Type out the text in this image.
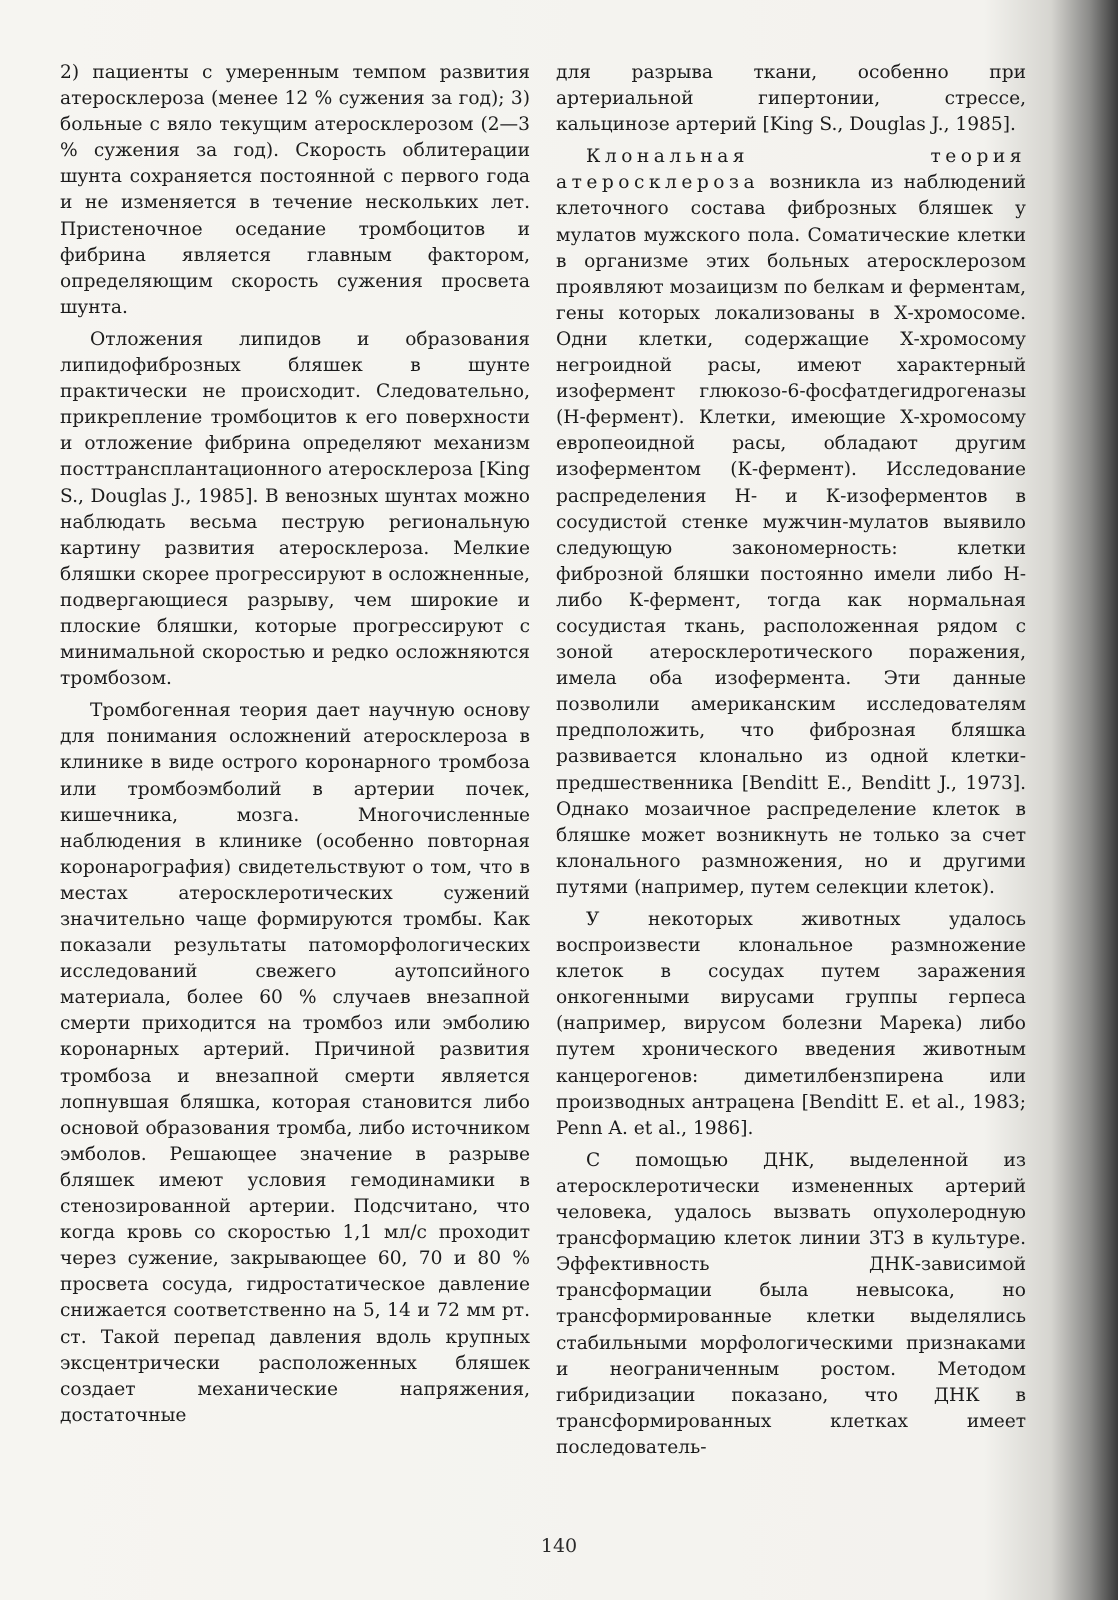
2) пациенты с умеренным темпом развития атеросклероза (менее 12 % сужения за год); 3) больные с вяло текущим атеросклерозом (2—3 % сужения за год). Скорость облитерации шунта сохраняется постоянной с первого года и не изменяется в течение нескольких лет. Пристеночное оседание тромбоцитов и фибрина является главным фактором, определяющим скорость сужения просвета шунта.

Отложения липидов и образования липидофиброзных бляшек в шунте практически не происходит. Следовательно, прикрепление тромбоцитов к его поверхности и отложение фибрина определяют механизм посттрансплантационного атеросклероза [King S., Douglas J., 1985]. В венозных шунтах можно наблюдать весьма пеструю региональную картину развития атеросклероза. Мелкие бляшки скорее прогрессируют в осложненные, подвергающиеся разрыву, чем широкие и плоские бляшки, которые прогрессируют с минимальной скоростью и редко осложняются тромбозом.

Тромбогенная теория дает научную основу для понимания осложнений атеросклероза в клинике в виде острого коронарного тромбоза или тромбоэмболий в артерии почек, кишечника, мозга. Многочисленные наблюдения в клинике (особенно повторная коронарография) свидетельствуют о том, что в местах атеросклеротических сужений значительно чаще формируются тромбы. Как показали результаты патоморфологических исследований свежего аутопсийного материала, более 60 % случаев внезапной смерти приходится на тромбоз или эмболию коронарных артерий. Причиной развития тромбоза и внезапной смерти является лопнувшая бляшка, которая становится либо основой образования тромба, либо источником эмболов. Решающее значение в разрыве бляшек имеют условия гемодинамики в стенозированной артерии. Подсчитано, что когда кровь со скоростью 1,1 мл/с проходит через сужение, закрывающее 60, 70 и 80 % просвета сосуда, гидростатическое давление снижается соответственно на 5, 14 и 72 мм рт. ст. Такой перепад давления вдоль крупных эксцентрически расположенных бляшек создает механические напряжения, достаточные

для разрыва ткани, особенно при артериальной гипертонии, стрессе, кальцинозе артерий [King S., Douglas J., 1985].

Клональная теория атеросклероза возникла из наблюдений клеточного состава фиброзных бляшек у мулатов мужского пола. Соматические клетки в организме этих больных атеросклерозом проявляют мозаицизм по белкам и ферментам, гены которых локализованы в Х-хромосоме. Одни клетки, содержащие Х-хромосому негроидной расы, имеют характерный изофермент глюкозо-6-фосфатдегидрогеназы (Н-фермент). Клетки, имеющие Х-хромосому европеоидной расы, обладают другим изоферментом (К-фермент). Исследование распределения Н- и К-изоферментов в сосудистой стенке мужчин-мулатов выявило следующую закономерность: клетки фиброзной бляшки постоянно имели либо Н- либо К-фермент, тогда как нормальная сосудистая ткань, расположенная рядом с зоной атеросклеротического поражения, имела оба изофермента. Эти данные позволили американским исследователям предположить, что фиброзная бляшка развивается клонально из одной клетки-предшественника [Benditt E., Benditt J., 1973]. Однако мозаичное распределение клеток в бляшке может возникнуть не только за счет клонального размножения, но и другими путями (например, путем селекции клеток).

У некоторых животных удалось воспроизвести клональное размножение клеток в сосудах путем заражения онкогенными вирусами группы герпеса (например, вирусом болезни Марека) либо путем хронического введения животным канцерогенов: диметилбензпирена или производных антрацена [Benditt E. et al., 1983; Penn A. et al., 1986].

С помощью ДНК, выделенной из атеросклеротически измененных артерий человека, удалось вызвать опухолеродную трансформацию клеток линии 3Т3 в культуре. Эффективность ДНК-зависимой трансформации была невысока, но трансформированные клетки выделялись стабильными морфологическими признаками и неограниченным ростом. Методом гибридизации показано, что ДНК в трансформированных клетках имеет последователь-

140
